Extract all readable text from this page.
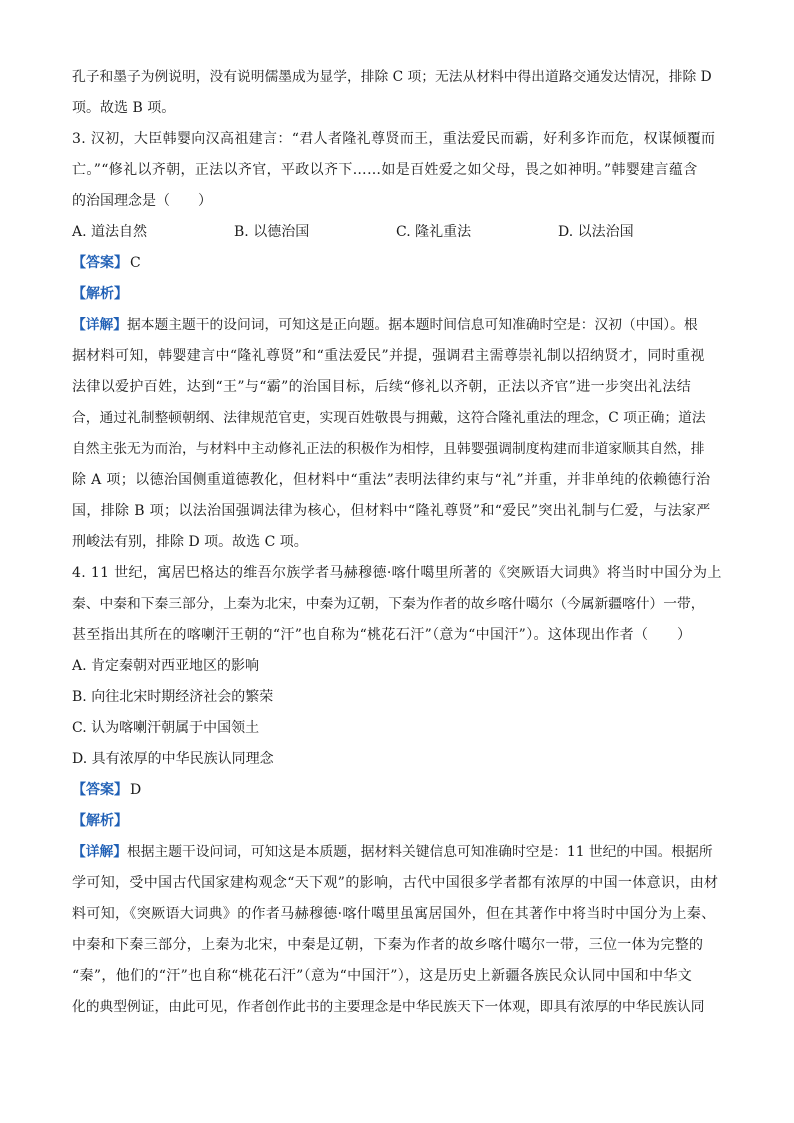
孔子和墨子为例说明，没有说明儒墨成为显学，排除 C 项；无法从材料中得出道路交通发达情况，排除 D
项。故选 B 项。
3. 汉初，大臣韩婴向汉高祖建言：“君人者隆礼尊贤而王，重法爱民而霸，好利多诈而危，权谋倾覆而
亡。”“修礼以齐朝，正法以齐官，平政以齐下……如是百姓爱之如父母，畏之如神明。”韩婴建言蕴含
的治国理念是（　　）
A. 道法自然	B. 以德治国	C. 隆礼重法	D. 以法治国
【答案】 C
【解析】
【详解】据本题主题干的设问词，可知这是正向题。据本题时间信息可知准确时空是：汉初（中国）。根
据材料可知，韩婴建言中“隆礼尊贤”和“重法爱民”并提，强调君主需尊崇礼制以招纳贤才，同时重视
法律以爱护百姓，达到“王”与“霸”的治国目标，后续“修礼以齐朝，正法以齐官”进一步突出礼法结
合，通过礼制整顿朝纲、法律规范官吏，实现百姓敬畏与拥戴，这符合隆礼重法的理念，C 项正确；道法
自然主张无为而治，与材料中主动修礼正法的积极作为相悖，且韩婴强调制度构建而非道家顺其自然，排
除 A 项；以德治国侧重道德教化，但材料中“重法”表明法律约束与“礼”并重，并非单纯的依赖德行治
国，排除 B 项；以法治国强调法律为核心，但材料中“隆礼尊贤”和“爱民”突出礼制与仁爱，与法家严
刑峻法有别，排除 D 项。故选 C 项。
4. 11 世纪，寓居巴格达的维吾尔族学者马赫穆德·喀什噶里所著的《突厥语大词典》将当时中国分为上
秦、中秦和下秦三部分，上秦为北宋，中秦为辽朝，下秦为作者的故乡喀什噶尔（今属新疆喀什）一带，
甚至指出其所在的喀喇汗王朝的“汗”也自称为“桃花石汗”（意为“中国汗”）。这体现出作者（　　）
A. 肯定秦朝对西亚地区的影响
B. 向往北宋时期经济社会的繁荣
C. 认为喀喇汗朝属于中国领土
D. 具有浓厚的中华民族认同理念
【答案】 D
【解析】
【详解】根据主题干设问词，可知这是本质题，据材料关键信息可知准确时空是：11 世纪的中国。根据所
学可知，受中国古代国家建构观念“天下观”的影响，古代中国很多学者都有浓厚的中国一体意识，由材
料可知，《突厥语大词典》的作者马赫穆德·喀什噶里虽寓居国外，但在其著作中将当时中国分为上秦、
中秦和下秦三部分，上秦为北宋，中秦是辽朝，下秦为作者的故乡喀什噶尔一带，三位一体为完整的
“秦”，他们的“汗”也自称“桃花石汗”（意为“中国汗”），这是历史上新疆各族民众认同中国和中华文
化的典型例证，由此可见，作者创作此书的主要理念是中华民族天下一体观，即具有浓厚的中华民族认同
